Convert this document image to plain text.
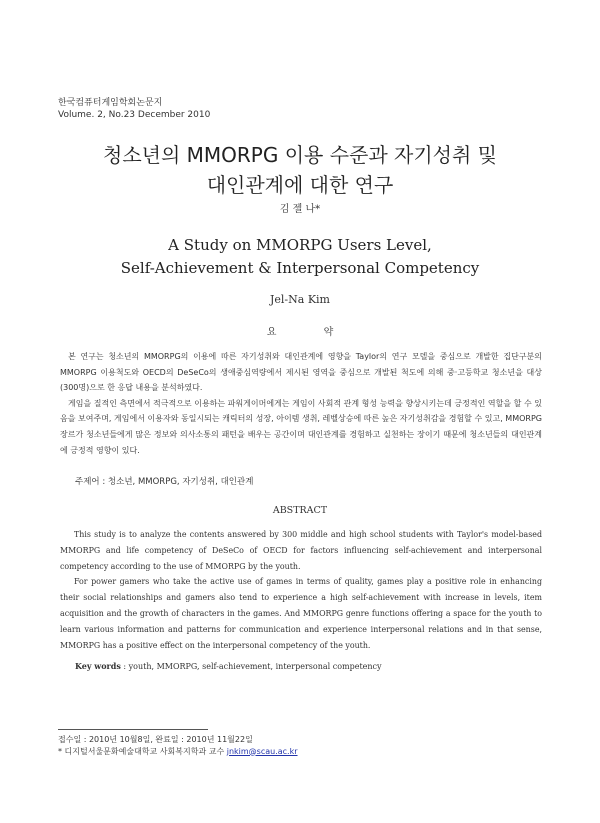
한국컴퓨터게임학회논문지
Volume. 2, No.23 December 2010
청소년의 MMORPG 이용 수준과 자기성취 및
대인관계에 대한 연구
김 젤 나*
A Study on MMORPG Users Level,
Self-Achievement & Interpersonal Competency
Jel-Na Kim
요 약

본 연구는 청소년의 MMORPG의 이용에 따른 자기성취와 대인관계에 영향을 Taylor의 연구 모델을 중심으로 개발한 집단구분의 MMORPG 이용척도와 OECD의 DeSeCo의 생애중심역량에서 제시된 영역을 중심으로 개발된 척도에 의해 중·고등학교 청소년을 대상(300명)으로 한 응답 내용을 분석하였다.

게임을 질적인 측면에서 적극적으로 이용하는 파워게이머에게는 게임이 사회적 관계 형성 능력을 향상시키는데 긍정적인 역할을 할 수 있음을 보여주며, 게임에서 이용자와 동일시되는 캐릭터의 성장, 아이템 생취, 레벨상승에 따른 높은 자기성취감을 경험할 수 있고, MMORPG 장르가 청소년들에게 많은 정보와 의사소통의 패턴을 배우는 공간이며 대인관계를 경험하고 실천하는 장이기 때문에 청소년들의 대인관계에 긍정적 영향이 있다.

주제어 : 청소년, MMORPG, 자기성취, 대인관계
ABSTRACT

This study is to analyze the contents answered by 300 middle and high school students with Taylor's model-based MMORPG and life competency of DeSeCo of OECD for factors influencing self-achievement and interpersonal competency according to the use of MMORPG by the youth.

For power gamers who take the active use of games in terms of quality, games play a positive role in enhancing their social relationships and gamers also tend to experience a high self-achievement with increase in levels, item acquisition and the growth of characters in the games. And MMORPG genre functions offering a space for the youth to learn various information and patterns for communication and experience interpersonal relations and in that sense, MMORPG has a positive effect on the interpersonal competency of the youth.

Key words : youth, MMORPG, self-achievement, interpersonal competency
접수일 : 2010년 10월8일, 완료일 : 2010년 11월22일
* 디지털서울문화예술대학교 사회복지학과 교수 jnkim@scau.ac.kr
